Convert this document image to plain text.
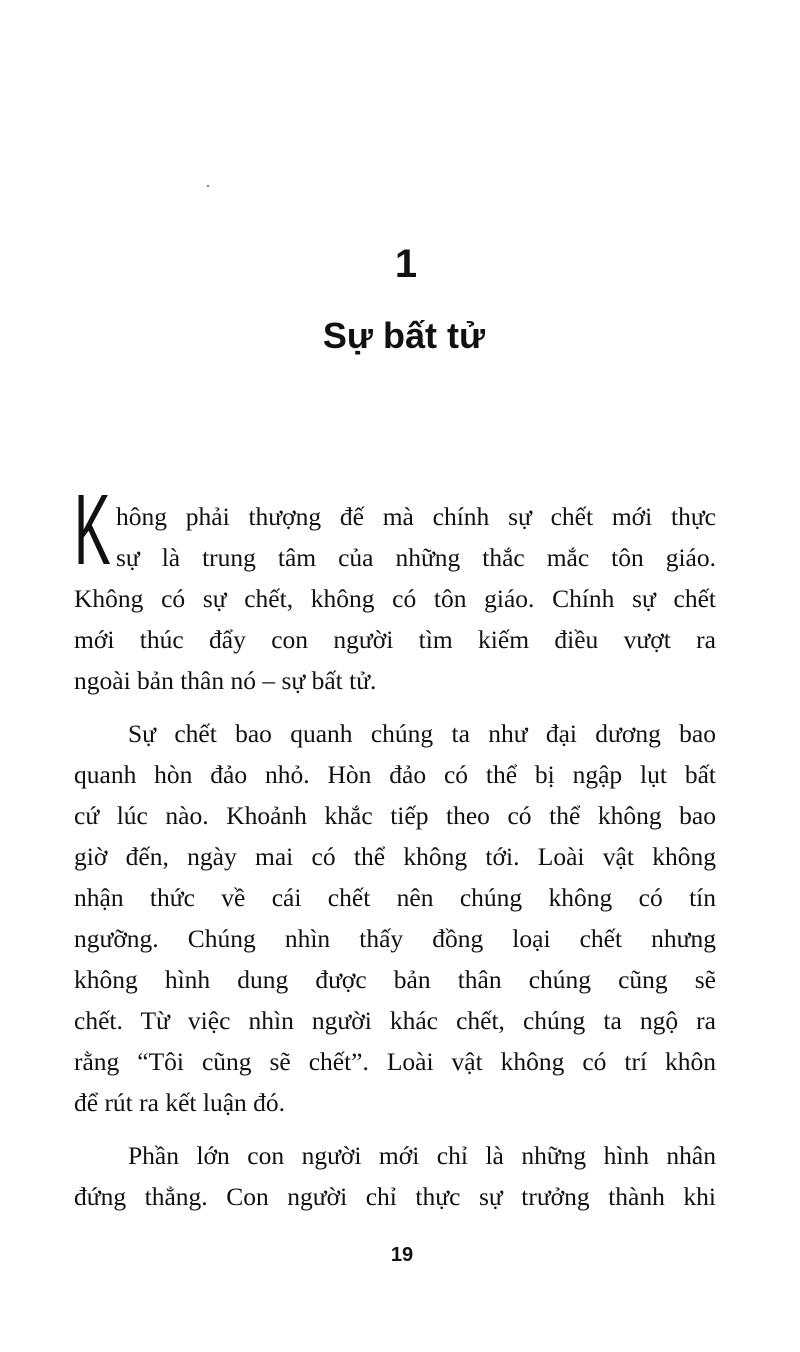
1
Sự bất tử
K hông phải thượng đế mà chính sự chết mới thực
sự là trung tâm của những thắc mắc tôn giáo.
Không có sự chết, không có tôn giáo. Chính sự chết
mới thúc đẩy con người tìm kiếm điều vượt ra
ngoài bản thân nó – sự bất tử.
Sự chết bao quanh chúng ta như đại dương bao
quanh hòn đảo nhỏ. Hòn đảo có thể bị ngập lụt bất
cứ lúc nào. Khoảnh khắc tiếp theo có thể không bao
giờ đến, ngày mai có thể không tới. Loài vật không
nhận thức về cái chết nên chúng không có tín
ngưỡng. Chúng nhìn thấy đồng loại chết nhưng
không hình dung được bản thân chúng cũng sẽ
chết. Từ việc nhìn người khác chết, chúng ta ngộ ra
rằng “Tôi cũng sẽ chết”. Loài vật không có trí khôn
để rút ra kết luận đó.
Phần lớn con người mới chỉ là những hình nhân
đứng thẳng. Con người chỉ thực sự trưởng thành khi
19
